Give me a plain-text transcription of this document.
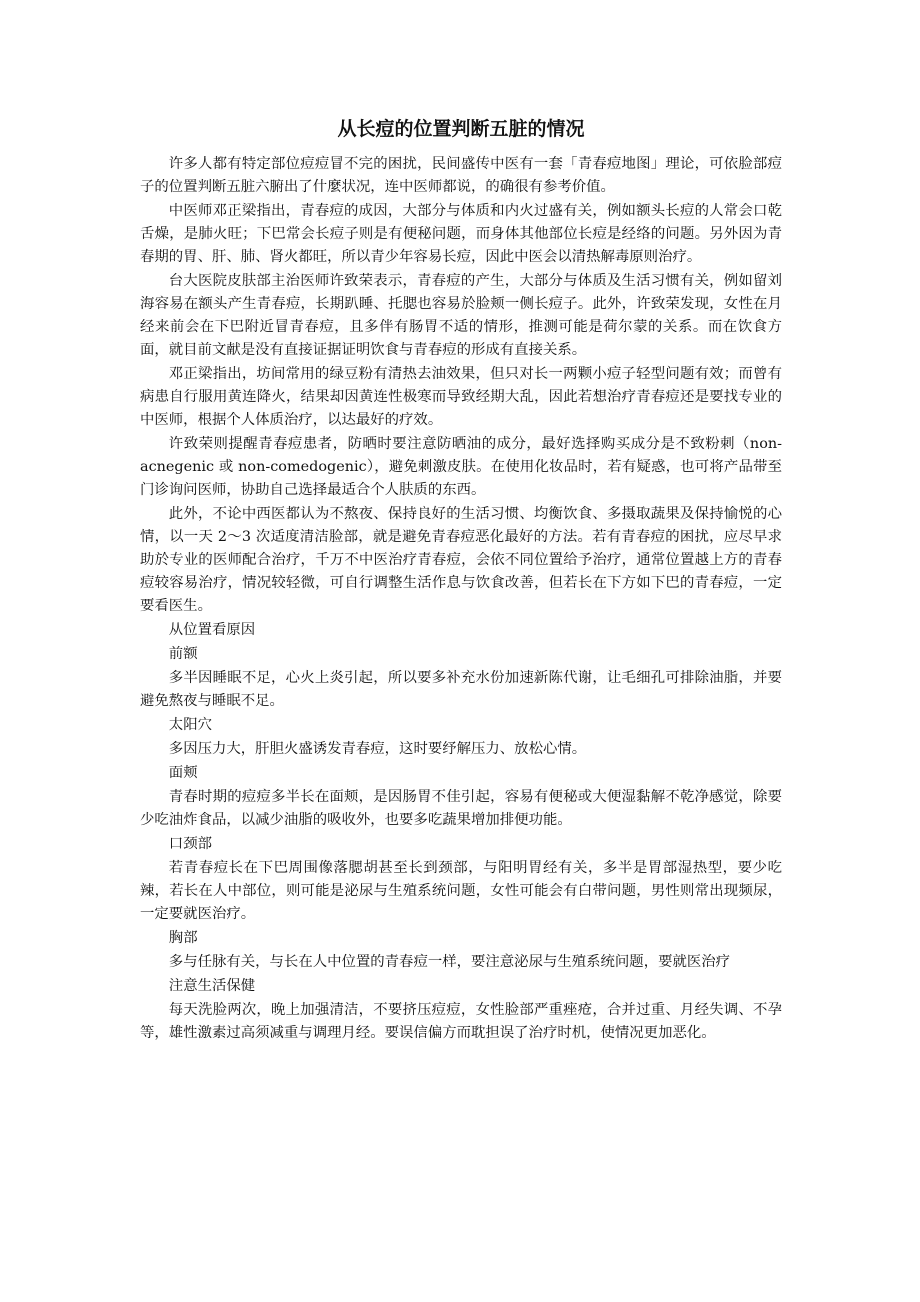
从长痘的位置判断五脏的情况

许多人都有特定部位痘痘冒不完的困扰，民间盛传中医有一套「青春痘地图」理论，可依脸部痘子的位置判断五脏六腑出了什麼状况，连中医师都说，的确很有参考价值。

中医师邓正梁指出，青春痘的成因，大部分与体质和内火过盛有关，例如额头长痘的人常会口乾舌燥，是肺火旺；下巴常会长痘子则是有便秘问题，而身体其他部位长痘是经络的问题。另外因为青春期的胃、肝、肺、肾火都旺，所以青少年容易长痘，因此中医会以清热解毒原则治疗。

台大医院皮肤部主治医师许致荣表示，青春痘的产生，大部分与体质及生活习惯有关，例如留刘海容易在额头产生青春痘，长期趴睡、托腮也容易於脸颊一侧长痘子。此外，许致荣发现，女性在月经来前会在下巴附近冒青春痘，且多伴有肠胃不适的情形，推测可能是荷尔蒙的关系。而在饮食方面，就目前文献是没有直接证据证明饮食与青春痘的形成有直接关系。

邓正梁指出，坊间常用的绿豆粉有清热去油效果，但只对长一两颗小痘子轻型问题有效；而曾有病患自行服用黄连降火，结果却因黄连性极寒而导致经期大乱，因此若想治疗青春痘还是要找专业的中医师，根据个人体质治疗，以达最好的疗效。

许致荣则提醒青春痘患者，防晒时要注意防晒油的成分，最好选择购买成分是不致粉刺（non-acnegenic 或 non-comedogenic），避免刺激皮肤。在使用化妆品时，若有疑惑，也可将产品带至门诊询问医师，协助自己选择最适合个人肤质的东西。

此外，不论中西医都认为不熬夜、保持良好的生活习惯、均衡饮食、多摄取蔬果及保持愉悦的心情，以一天 2～3 次适度清洁脸部，就是避免青春痘恶化最好的方法。若有青春痘的困扰，应尽早求助於专业的医师配合治疗，千万不中医治疗青春痘，会依不同位置给予治疗，通常位置越上方的青春痘较容易治疗，情况较轻微，可自行调整生活作息与饮食改善，但若长在下方如下巴的青春痘，一定要看医生。

从位置看原因

前额

多半因睡眠不足，心火上炎引起，所以要多补充水份加速新陈代谢，让毛细孔可排除油脂，并要避免熬夜与睡眠不足。

太阳穴

多因压力大，肝胆火盛诱发青春痘，这时要纾解压力、放松心情。

面颊

青春时期的痘痘多半长在面颊，是因肠胃不佳引起，容易有便秘或大便湿黏解不乾净感觉，除要少吃油炸食品，以减少油脂的吸收外，也要多吃蔬果增加排便功能。

口颈部

若青春痘长在下巴周围像落腮胡甚至长到颈部，与阳明胃经有关，多半是胃部湿热型，要少吃辣，若长在人中部位，则可能是泌尿与生殖系统问题，女性可能会有白带问题，男性则常出现频尿，一定要就医治疗。

胸部

多与任脉有关，与长在人中位置的青春痘一样，要注意泌尿与生殖系统问题，要就医治疗

注意生活保健

每天洗脸两次，晚上加强清洁，不要挤压痘痘，女性脸部严重痤疮，合并过重、月经失调、不孕等，雄性激素过高须减重与调理月经。要误信偏方而耽担误了治疗时机，使情况更加恶化。
